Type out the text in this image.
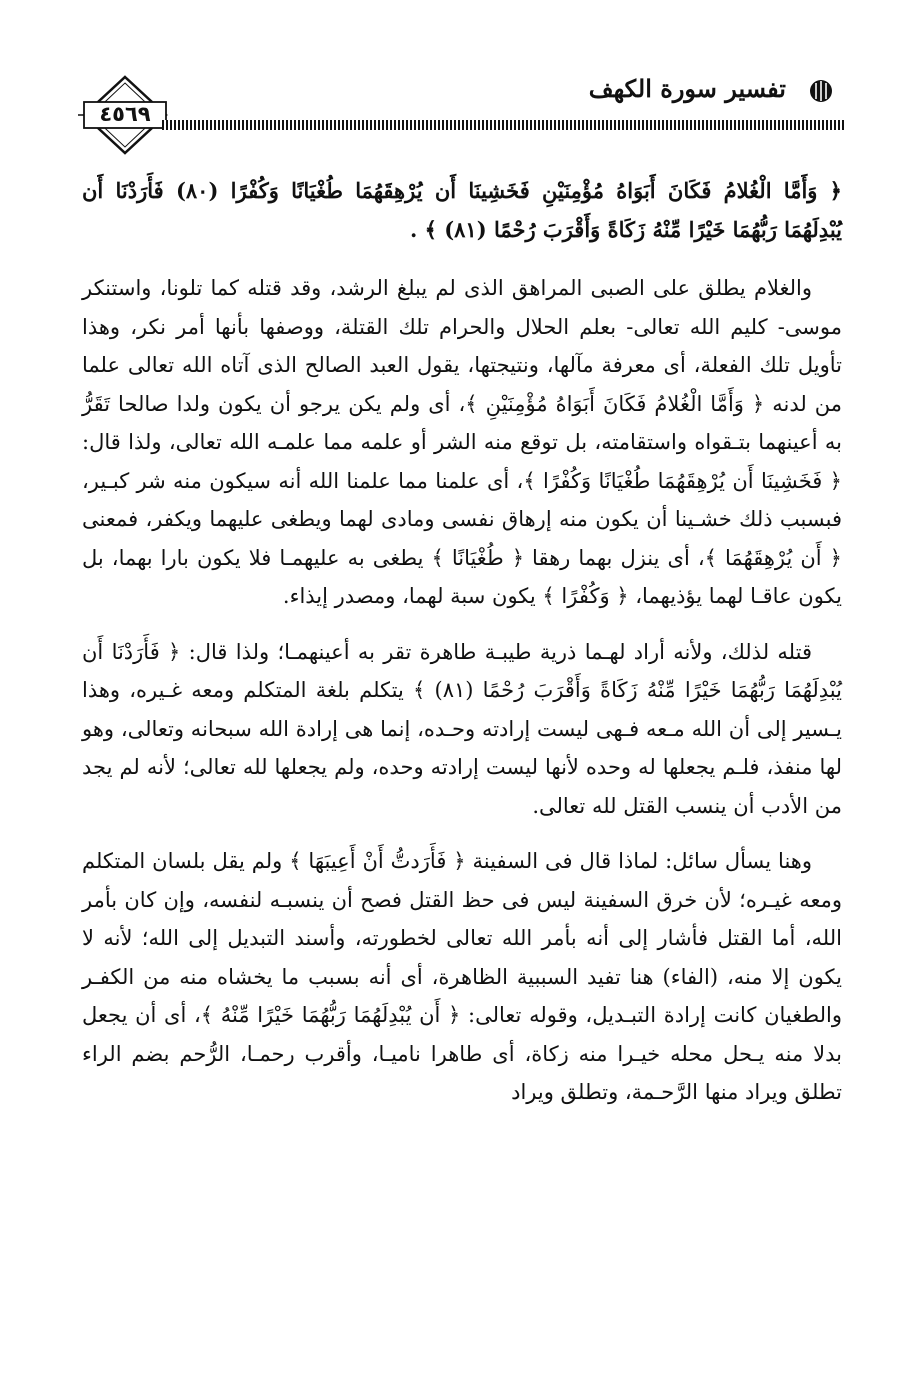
٤٥٦٩
تفسير سورة الكهف

﴿ وَأَمَّا الْغُلامُ فَكَانَ أَبَوَاهُ مُؤْمِنَيْنِ فَخَشِينَا أَن يُرْهِقَهُمَا طُغْيَانًا وَكُفْرًا (٨٠) فَأَرَدْنَا أَن يُبْدِلَهُمَا رَبُّهُمَا خَيْرًا مِّنْهُ زَكَاةً وَأَقْرَبَ رُحْمًا (٨١) ﴾ .

والغلام يطلق على الصبى المراهق الذى لم يبلغ الرشد، وقد قتله كما تلونا، واستنكر موسى- كليم الله تعالى- بعلم الحلال والحرام تلك القتلة، ووصفها بأنها أمر نكر، وهذا تأويل تلك الفعلة، أى معرفة مآلها، ونتيجتها، يقول العبد الصالح الذى آتاه الله تعالى علما من لدنه ﴿ وَأَمَّا الْغُلامُ فَكَانَ أَبَوَاهُ مُؤْمِنَيْنِ ﴾، أى ولم يكن يرجو أن يكون ولدا صالحا تَقَرُّ به أعينهما بتـقواه واستقامته، بل توقع منه الشر أو علمه مما علمـه الله تعالى، ولذا قال: ﴿ فَخَشِينَا أَن يُرْهِقَهُمَا طُغْيَانًا وَكُفْرًا ﴾، أى علمنا مما علمنا الله أنه سيكون منه شر كبـير، فبسبب ذلك خشـينا أن يكون منه إرهاق نفسى ومادى لهما ويطغى عليهما ويكفر، فمعنى ﴿ أَن يُرْهِقَهُمَا ﴾، أى ينزل بهما رهقا ﴿ طُغْيَانًا ﴾ يطغى به عليهمـا فلا يكون بارا بهما، بل يكون عاقـا لهما يؤذيهما، ﴿ وَكُفْرًا ﴾ يكون سبة لهما، ومصدر إيذاء.

قتله لذلك، ولأنه أراد لهـما ذرية طيبـة طاهرة تقر به أعينهمـا؛ ولذا قال: ﴿ فَأَرَدْنَا أَن يُبْدِلَهُمَا رَبُّهُمَا خَيْرًا مِّنْهُ زَكَاةً وَأَقْرَبَ رُحْمًا (٨١) ﴾ يتكلم بلغة المتكلم ومعه غـيره، وهذا يـسير إلى أن الله مـعه فـهى ليست إرادته وحـده، إنما هى إرادة الله سبحانه وتعالى، وهو لها منفذ، فلـم يجعلها له وحده لأنها ليست إرادته وحده، ولم يجعلها لله تعالى؛ لأنه لم يجد من الأدب أن ينسب القتل لله تعالى.

وهنا يسأل سائل: لماذا قال فى السفينة ﴿ فَأَرَدتُّ أَنْ أَعِيبَهَا ﴾ ولم يقل بلسان المتكلم ومعه غيـره؛ لأن خرق السفينة ليس فى حظ القتل فصح أن ينسبـه لنفسه، وإن كان بأمر الله، أما القتل فأشار إلى أنه بأمر الله تعالى لخطورته، وأسند التبديل إلى الله؛ لأنه لا يكون إلا منه، (الفاء) هنا تفيد السببية الظاهرة، أى أنه بسبب ما يخشاه منه من الكفـر والطغيان كانت إرادة التبـديل، وقوله تعالى: ﴿ أَن يُبْدِلَهُمَا رَبُّهُمَا خَيْرًا مِّنْهُ ﴾، أى أن يجعل بدلا منه يـحل محله خيـرا منه زكاة، أى طاهرا ناميـا، وأقرب رحمـا، الرُّحم بضم الراء تطلق ويراد منها الرَّحـمة، وتطلق ويراد
